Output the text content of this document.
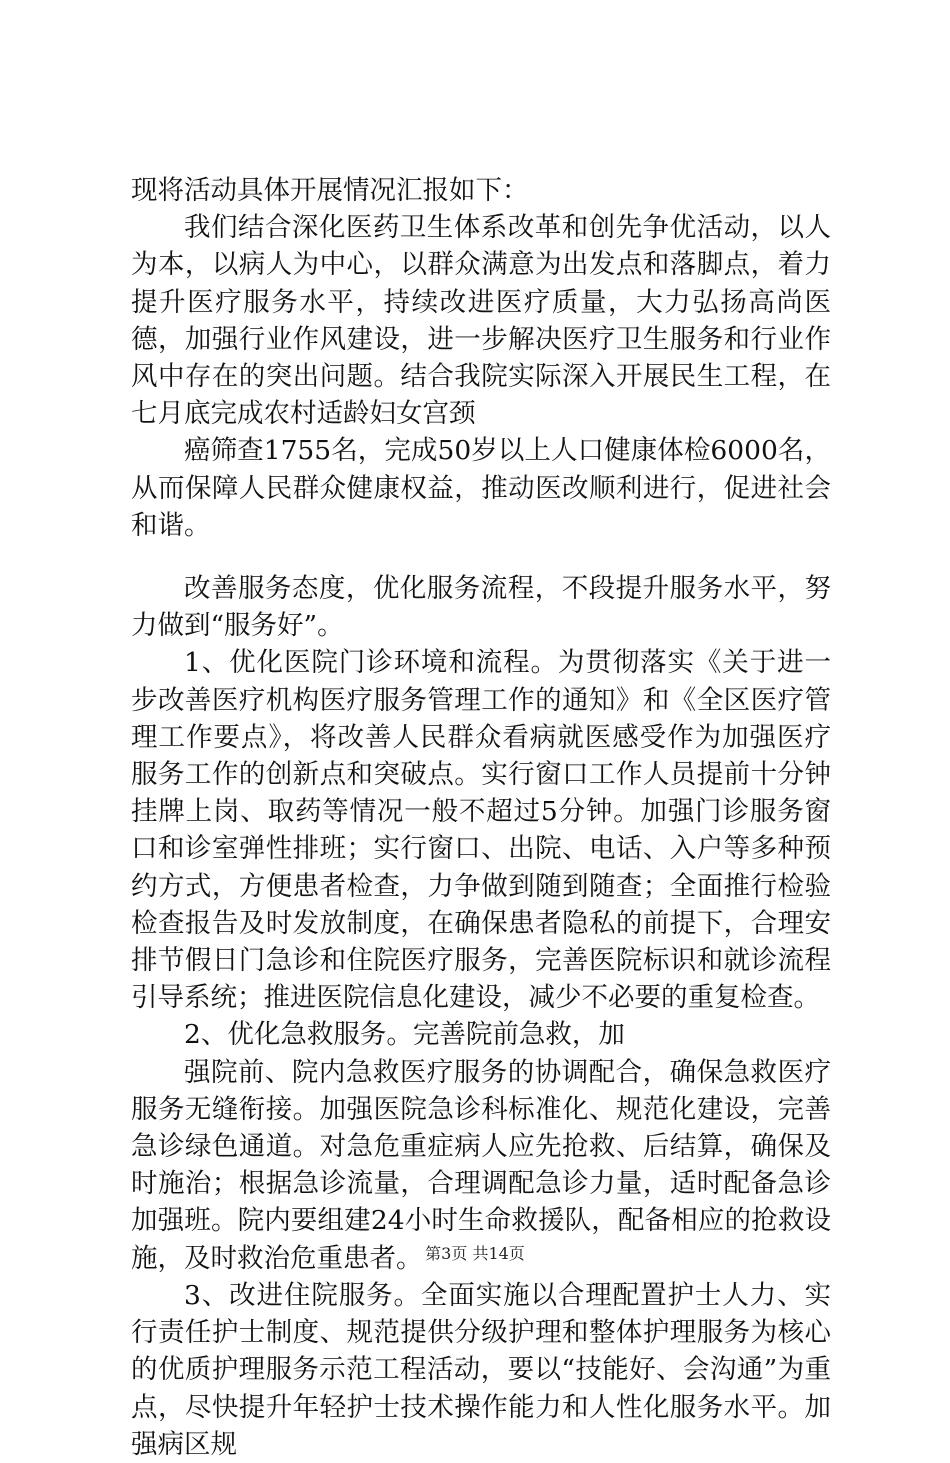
现将活动具体开展情况汇报如下：

我们结合深化医药卫生体系改革和创先争优活动，以人为本，以病人为中心，以群众满意为出发点和落脚点，着力提升医疗服务水平，持续改进医疗质量，大力弘扬高尚医德，加强行业作风建设，进一步解决医疗卫生服务和行业作风中存在的突出问题。结合我院实际深入开展民生工程，在七月底完成农村适龄妇女宫颈

癌筛查1755名，完成50岁以上人口健康体检6000名，从而保障人民群众健康权益，推动医改顺利进行，促进社会和谐。

改善服务态度，优化服务流程，不段提升服务水平，努力做到“服务好”。

1、优化医院门诊环境和流程。为贯彻落实《关于进一步改善医疗机构医疗服务管理工作的通知》和《全区医疗管理工作要点》，将改善人民群众看病就医感受作为加强医疗服务工作的创新点和突破点。实行窗口工作人员提前十分钟挂牌上岗、取药等情况一般不超过5分钟。加强门诊服务窗口和诊室弹性排班；实行窗口、出院、电话、入户等多种预约方式，方便患者检查，力争做到随到随查；全面推行检验检查报告及时发放制度，在确保患者隐私的前提下，合理安排节假日门急诊和住院医疗服务，完善医院标识和就诊流程引导系统；推进医院信息化建设，减少不必要的重复检查。

2、优化急救服务。完善院前急救，加

强院前、院内急救医疗服务的协调配合，确保急救医疗服务无缝衔接。加强医院急诊科标准化、规范化建设，完善急诊绿色通道。对急危重症病人应先抢救、后结算，确保及时施治；根据急诊流量，合理调配急诊力量，适时配备急诊加强班。院内要组建24小时生命救援队，配备相应的抢救设施，及时救治危重患者。

3、改进住院服务。全面实施以合理配置护士人力、实行责任护士制度、规范提供分级护理和整体护理服务为核心的优质护理服务示范工程活动，要以“技能好、会沟通”为重点，尽快提升年轻护士技术操作能力和人性化服务水平。加强病区规

第3页 共14页
